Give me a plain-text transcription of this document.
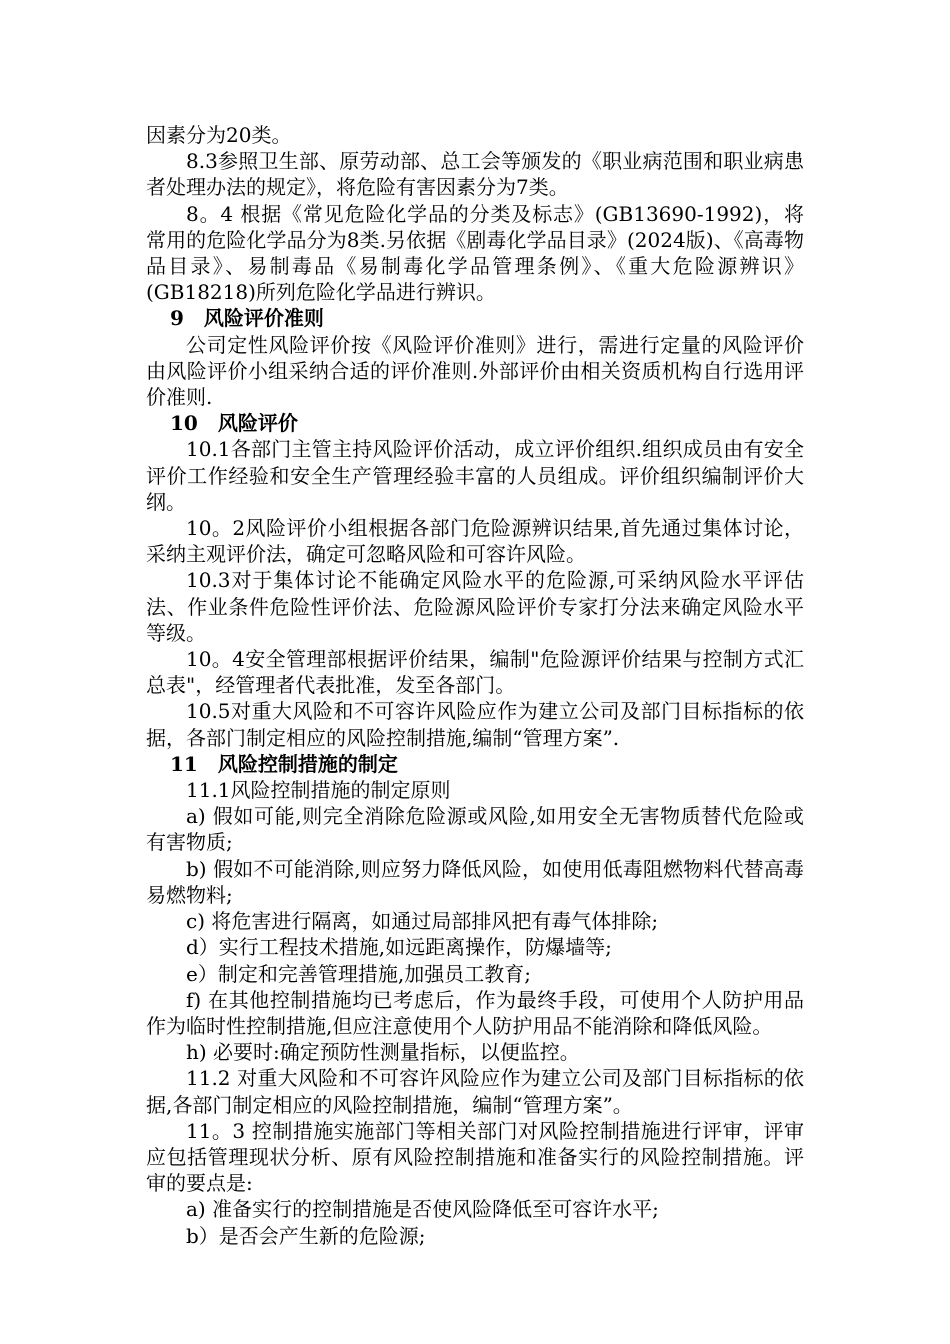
因素分为20类。

8.3参照卫生部、原劳动部、总工会等颁发的《职业病范围和职业病患者处理办法的规定》，将危险有害因素分为7类。

8。4 根据《常见危险化学品的分类及标志》(GB13690-1992)，将常用的危险化学品分为8类.另依据《剧毒化学品目录》(2024版)、《高毒物品目录》、易制毒品《易制毒化学品管理条例》、《重大危险源辨识》(GB18218)所列危险化学品进行辨识。

9　风险评价准则

公司定性风险评价按《风险评价准则》进行，需进行定量的风险评价由风险评价小组采纳合适的评价准则.外部评价由相关资质机构自行选用评价准则.

10　风险评价

10.1各部门主管主持风险评价活动，成立评价组织.组织成员由有安全评价工作经验和安全生产管理经验丰富的人员组成。评价组织编制评价大纲。

10。2风险评价小组根据各部门危险源辨识结果,首先通过集体讨论，采纳主观评价法，确定可忽略风险和可容许风险。

10.3对于集体讨论不能确定风险水平的危险源,可采纳风险水平评估法、作业条件危险性评价法、危险源风险评价专家打分法来确定风险水平等级。

10。4安全管理部根据评价结果，编制"危险源评价结果与控制方式汇总表"，经管理者代表批准，发至各部门。

10.5对重大风险和不可容许风险应作为建立公司及部门目标指标的依据，各部门制定相应的风险控制措施,编制“管理方案”.

11　风险控制措施的制定

11.1风险控制措施的制定原则

a) 假如可能,则完全消除危险源或风险,如用安全无害物质替代危险或有害物质;

b) 假如不可能消除,则应努力降低风险，如使用低毒阻燃物料代替高毒易燃物料;

c) 将危害进行隔离，如通过局部排风把有毒气体排除;

d）实行工程技术措施,如远距离操作，防爆墙等;

e）制定和完善管理措施,加强员工教育;

f) 在其他控制措施均已考虑后，作为最终手段，可使用个人防护用品作为临时性控制措施,但应注意使用个人防护用品不能消除和降低风险。

h) 必要时:确定预防性测量指标，以便监控。

11.2 对重大风险和不可容许风险应作为建立公司及部门目标指标的依据,各部门制定相应的风险控制措施，编制“管理方案”。

11。3 控制措施实施部门等相关部门对风险控制措施进行评审，评审应包括管理现状分析、原有风险控制措施和准备实行的风险控制措施。评审的要点是:

a) 准备实行的控制措施是否使风险降低至可容许水平;

b）是否会产生新的危险源;
